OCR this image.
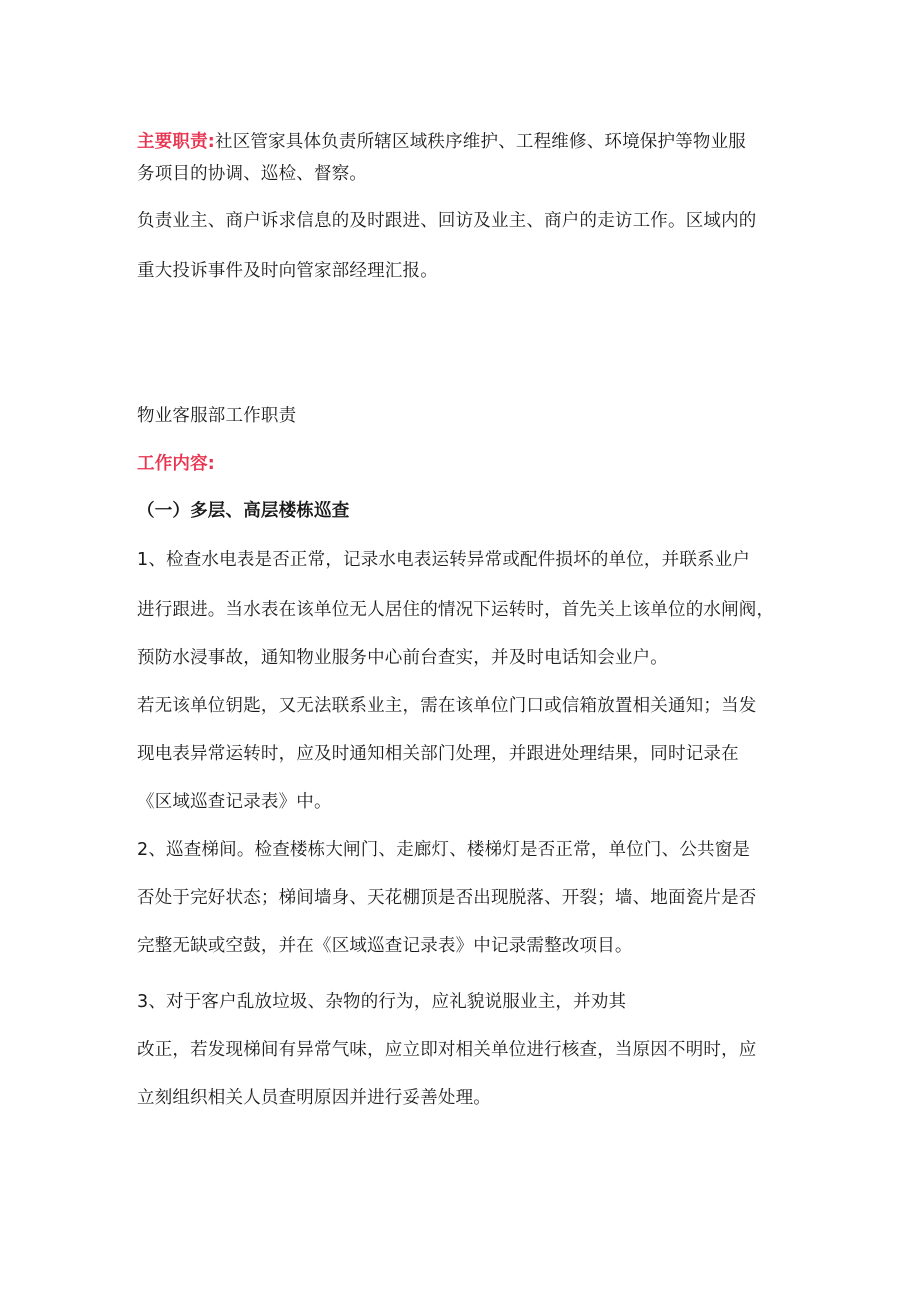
主要职责:社区管家具体负责所辖区域秩序维护、工程维修、环境保护等物业服
务项目的协调、巡检、督察。
负责业主、商户诉求信息的及时跟进、回访及业主、商户的走访工作。区域内的
重大投诉事件及时向管家部经理汇报。
物业客服部工作职责
工作内容:
（一）多层、高层楼栋巡查
1、检查水电表是否正常，记录水电表运转异常或配件损坏的单位，并联系业户
进行跟进。当水表在该单位无人居住的情况下运转时，首先关上该单位的水闸阀，
预防水浸事故，通知物业服务中心前台查实，并及时电话知会业户。
若无该单位钥匙，又无法联系业主，需在该单位门口或信箱放置相关通知；当发
现电表异常运转时，应及时通知相关部门处理，并跟进处理结果，同时记录在
《区域巡查记录表》中。
2、巡查梯间。检查楼栋大闸门、走廊灯、楼梯灯是否正常，单位门、公共窗是
否处于完好状态；梯间墙身、天花棚顶是否出现脱落、开裂；墙、地面瓷片是否
完整无缺或空鼓，并在《区域巡查记录表》中记录需整改项目。
3、对于客户乱放垃圾、杂物的行为，应礼貌说服业主，并劝其
改正，若发现梯间有异常气味，应立即对相关单位进行核查，当原因不明时，应
立刻组织相关人员查明原因并进行妥善处理。
